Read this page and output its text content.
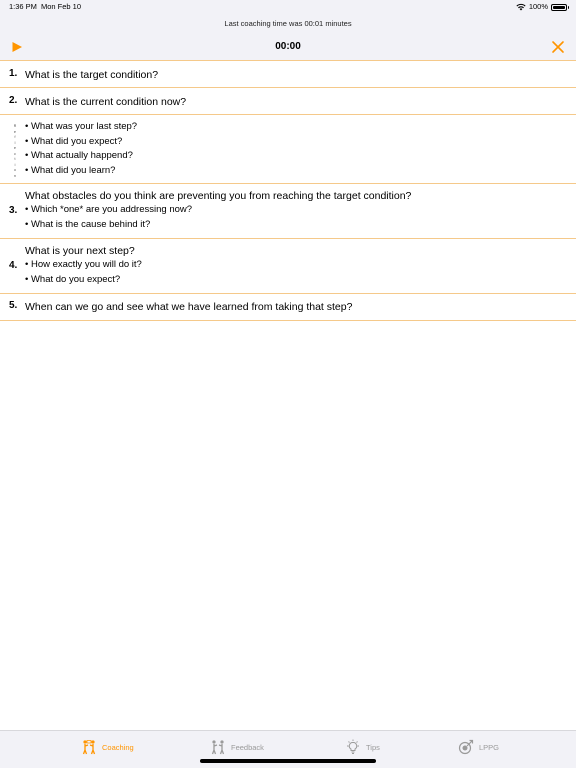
1:36 PM Mon Feb 10	100%
Last coaching time was 00:01 minutes
00:00
1. What is the target condition?
2. What is the current condition now?
R
e
f
l
e
c
t
i
o
n
• What was your last step?
• What did you expect?
• What actually happend?
• What did you learn?
3.
What obstacles do you think are preventing you from reaching the target condition?
• Which *one* are you addressing now?
• What is the cause behind it?
4.
What is your next step?
• How exactly you will do it?
• What do you expect?
5. When can we go and see what we have learned from taking that step?
Coaching	Feedback	Tips	LPPG
